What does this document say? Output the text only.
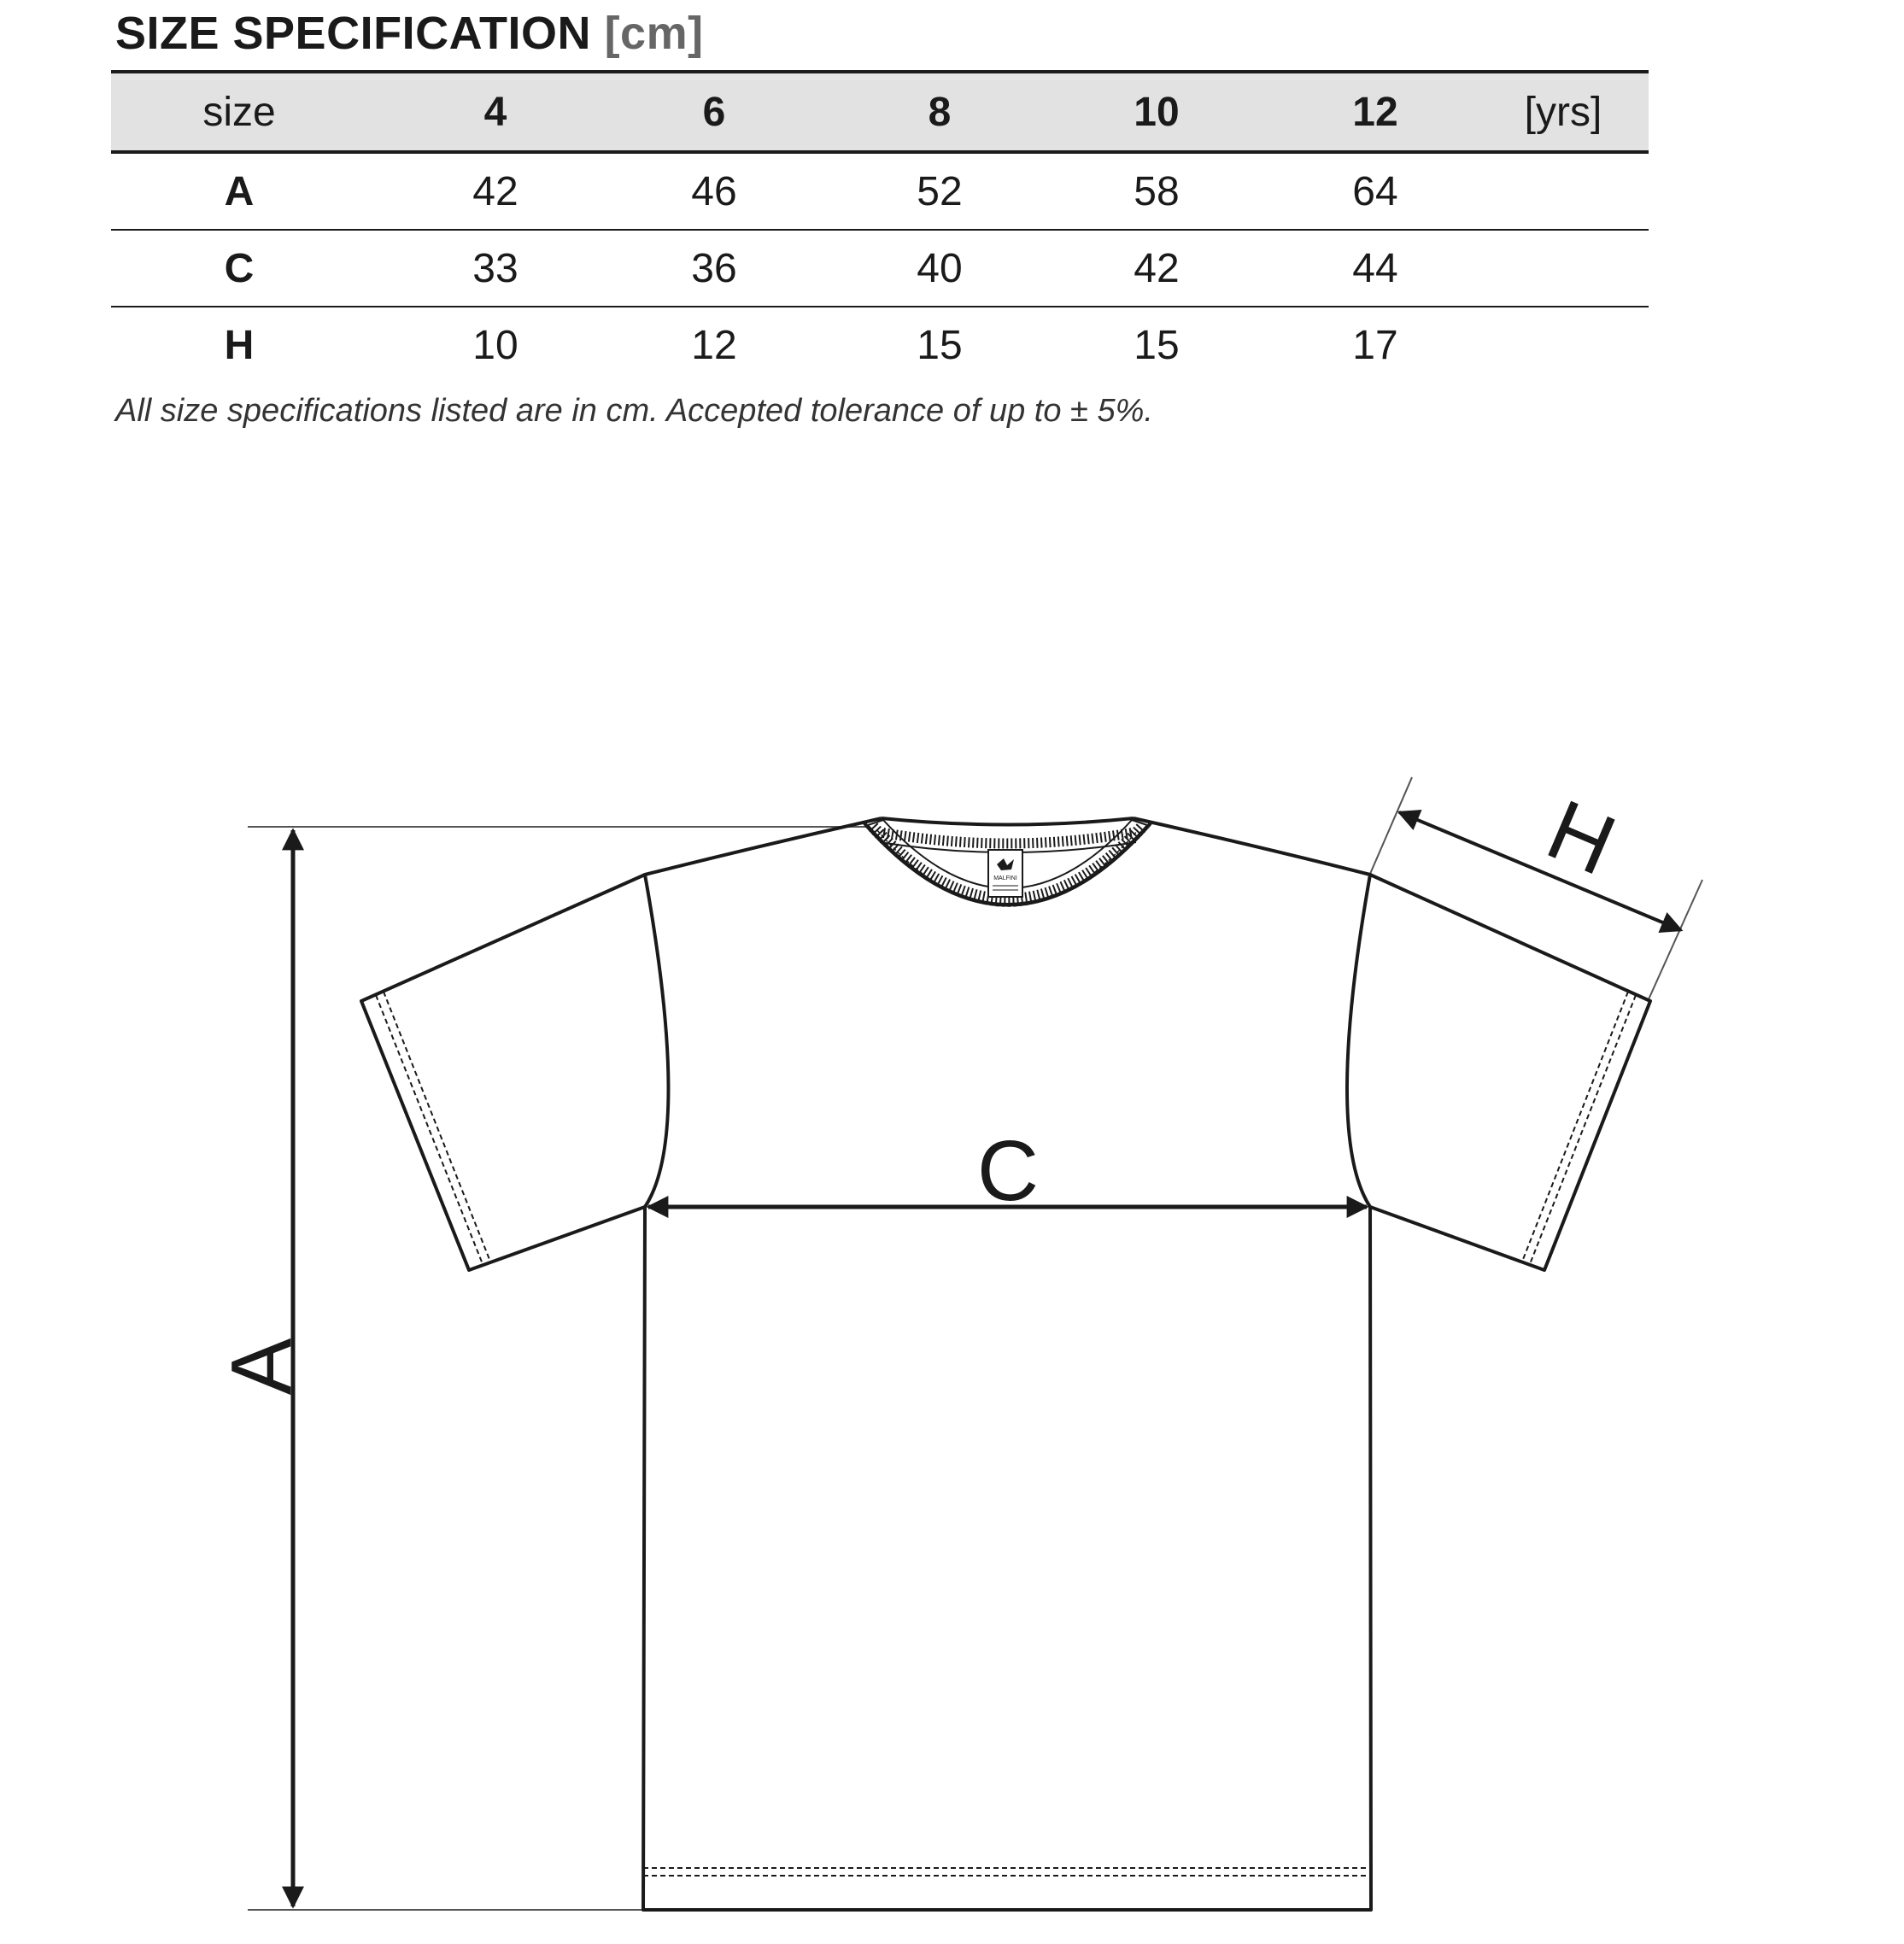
SIZE SPECIFICATION [cm]
size	4	6	8	10	12	[yrs]
A	42	46	52	58	64
C	33	36	40	42	44
H	10	12	15	15	17
All size specifications listed are in cm. Accepted tolerance of up to ± 5%.
MALFINI
A
C
H
